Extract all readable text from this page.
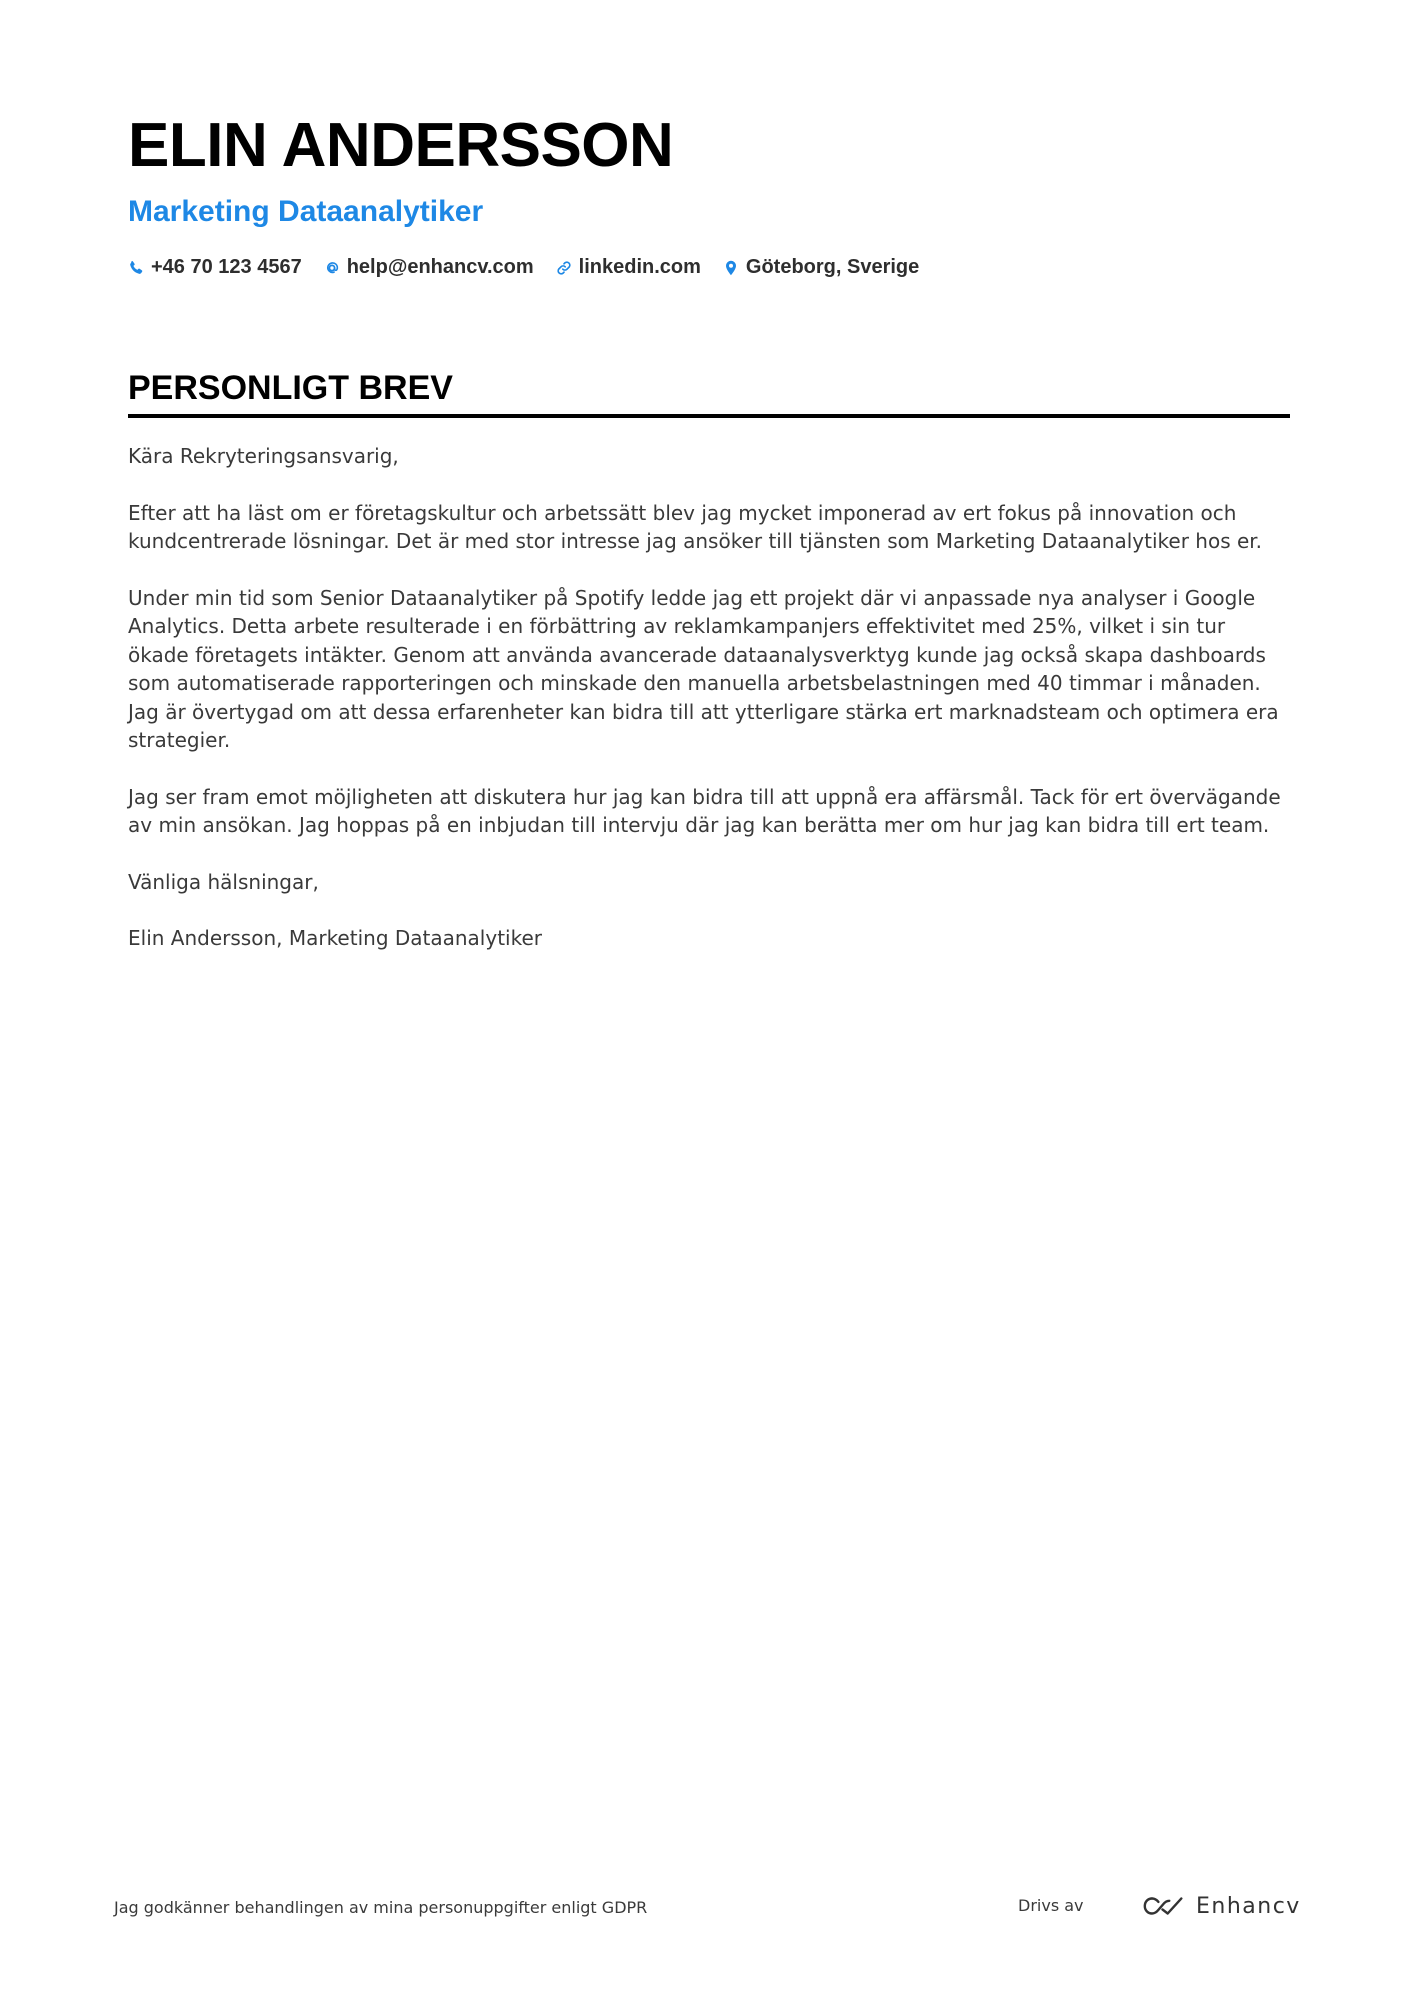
ELIN ANDERSSON
Marketing Dataanalytiker
+46 70 123 4567 help@enhancv.com linkedin.com Göteborg, Sverige
PERSONLIGT BREV

Kära Rekryteringsansvarig,

Efter att ha läst om er företagskultur och arbetssätt blev jag mycket imponerad av ert fokus på innovation och kundcentrerade lösningar. Det är med stor intresse jag ansöker till tjänsten som Marketing Dataanalytiker hos er.

Under min tid som Senior Dataanalytiker på Spotify ledde jag ett projekt där vi anpassade nya analyser i Google Analytics. Detta arbete resulterade i en förbättring av reklamkampanjers effektivitet med 25%, vilket i sin tur ökade företagets intäkter. Genom att använda avancerade dataanalysverktyg kunde jag också skapa dashboards som automatiserade rapporteringen och minskade den manuella arbetsbelastningen med 40 timmar i månaden. Jag är övertygad om att dessa erfarenheter kan bidra till att ytterligare stärka ert marknadsteam och optimera era strategier.

Jag ser fram emot möjligheten att diskutera hur jag kan bidra till att uppnå era affärsmål. Tack för ert övervägande av min ansökan. Jag hoppas på en inbjudan till intervju där jag kan berätta mer om hur jag kan bidra till ert team.

Vänliga hälsningar,

Elin Andersson, Marketing Dataanalytiker

Jag godkänner behandlingen av mina personuppgifter enligt GDPR	Drivs av	Enhancv
